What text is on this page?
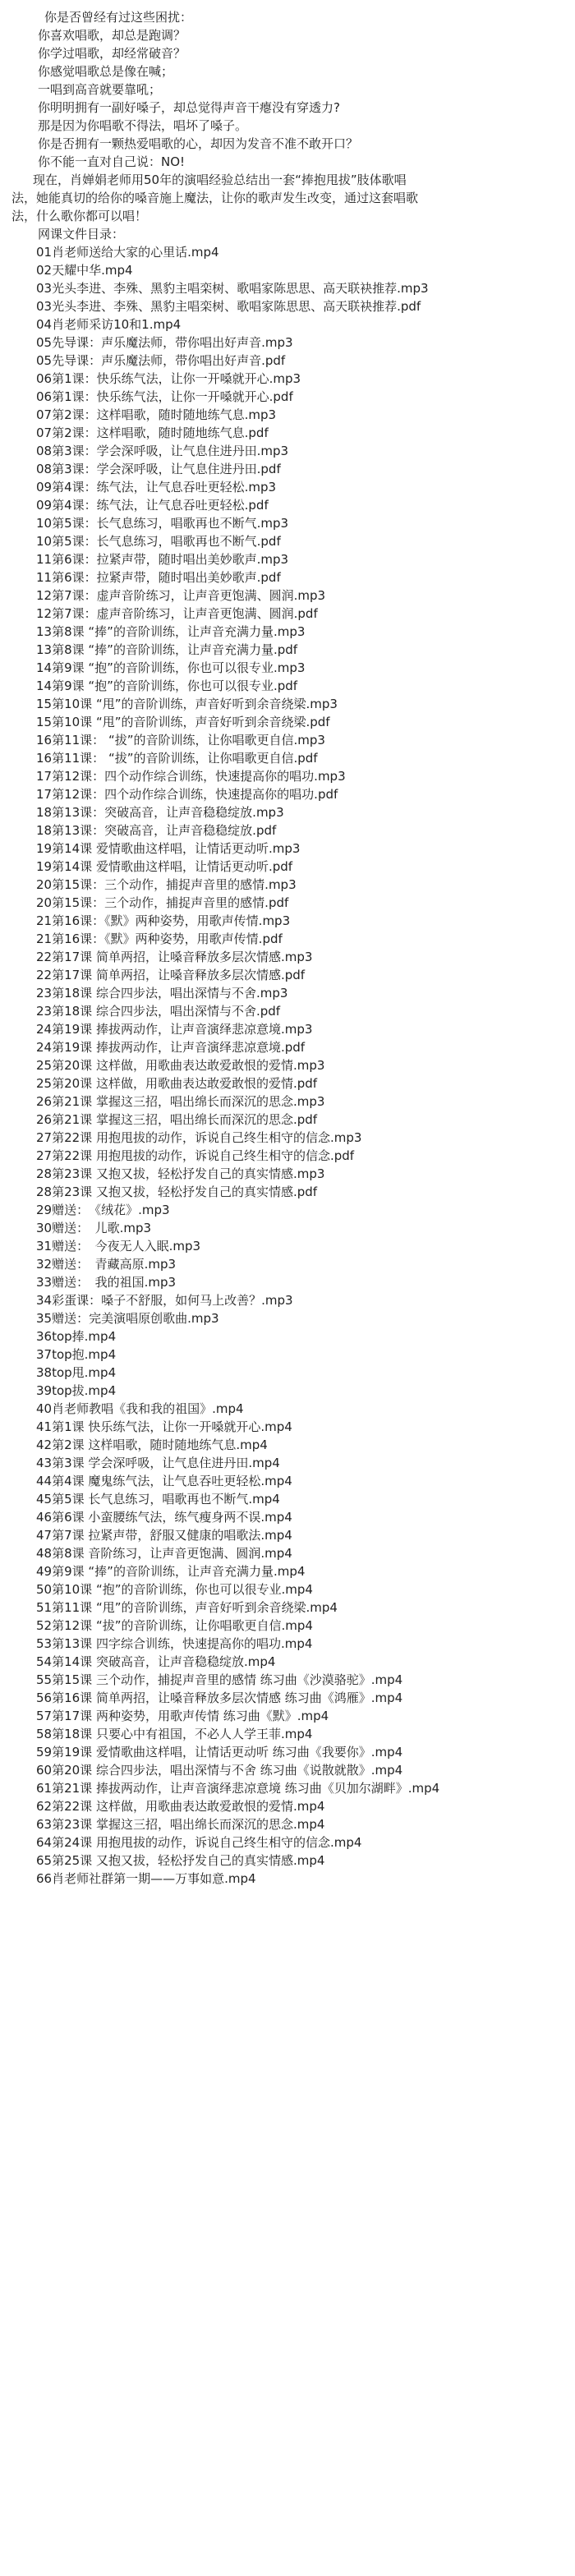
你是否曾经有过这些困扰：
你喜欢唱歌，却总是跑调？
你学过唱歌，却经常破音？
你感觉唱歌总是像在喊；
一唱到高音就要靠吼；
你明明拥有一副好嗓子，却总觉得声音干瘪没有穿透力?
那是因为你唱歌不得法，唱坏了嗓子。
你是否拥有一颗热爱唱歌的心，却因为发音不准不敢开口？
你不能一直对自己说：NO!
现在，肖婵娟老师用50年的演唱经验总结出一套“捧抱甩拔”肢体歌唱
法，她能真切的给你的嗓音施上魔法，让你的歌声发生改变，通过这套唱歌
法，什么歌你都可以唱！
网课文件目录：
01肖老师送给大家的心里话.mp4
02天耀中华.mp4
03光头李进、李殊、黑豹主唱栾树、歌唱家陈思思、高天联袂推荐.mp3
03光头李进、李殊、黑豹主唱栾树、歌唱家陈思思、高天联袂推荐.pdf
04肖老师采访10和1.mp4
05先导课：声乐魔法师，带你唱出好声音.mp3
05先导课：声乐魔法师，带你唱出好声音.pdf
06第1课：快乐练气法，让你一开嗓就开心.mp3
06第1课：快乐练气法，让你一开嗓就开心.pdf
07第2课：这样唱歌，随时随地练气息.mp3
07第2课：这样唱歌，随时随地练气息.pdf
08第3课：学会深呼吸，让气息住进丹田.mp3
08第3课：学会深呼吸，让气息住进丹田.pdf
09第4课：练气法，让气息吞吐更轻松.mp3
09第4课：练气法，让气息吞吐更轻松.pdf
10第5课：长气息练习，唱歌再也不断气.mp3
10第5课：长气息练习，唱歌再也不断气.pdf
11第6课：拉紧声带，随时唱出美妙歌声.mp3
11第6课：拉紧声带，随时唱出美妙歌声.pdf
12第7课：虚声音阶练习，让声音更饱满、圆润.mp3
12第7课：虚声音阶练习，让声音更饱满、圆润.pdf
13第8课 “捧”的音阶训练，让声音充满力量.mp3
13第8课 “捧”的音阶训练，让声音充满力量.pdf
14第9课 “抱”的音阶训练，你也可以很专业.mp3
14第9课 “抱”的音阶训练，你也可以很专业.pdf
15第10课 “甩”的音阶训练，声音好听到余音绕梁.mp3
15第10课 “甩”的音阶训练，声音好听到余音绕梁.pdf
16第11课： “拔”的音阶训练，让你唱歌更自信.mp3
16第11课： “拔”的音阶训练，让你唱歌更自信.pdf
17第12课：四个动作综合训练，快速提高你的唱功.mp3
17第12课：四个动作综合训练，快速提高你的唱功.pdf
18第13课：突破高音，让声音稳稳绽放.mp3
18第13课：突破高音，让声音稳稳绽放.pdf
19第14课 爱情歌曲这样唱，让情话更动听.mp3
19第14课 爱情歌曲这样唱，让情话更动听.pdf
20第15课：三个动作，捕捉声音里的感情.mp3
20第15课：三个动作，捕捉声音里的感情.pdf
21第16课：《默》两种姿势，用歌声传情.mp3
21第16课：《默》两种姿势，用歌声传情.pdf
22第17课 简单两招，让嗓音释放多层次情感.mp3
22第17课 简单两招，让嗓音释放多层次情感.pdf
23第18课 综合四步法，唱出深情与不舍.mp3
23第18课 综合四步法，唱出深情与不舍.pdf
24第19课 捧拔两动作，让声音演绎悲凉意境.mp3
24第19课 捧拔两动作，让声音演绎悲凉意境.pdf
25第20课 这样做，用歌曲表达敢爱敢恨的爱情.mp3
25第20课 这样做，用歌曲表达敢爱敢恨的爱情.pdf
26第21课 掌握这三招，唱出绵长而深沉的思念.mp3
26第21课 掌握这三招，唱出绵长而深沉的思念.pdf
27第22课 用抱甩拔的动作，诉说自己终生相守的信念.mp3
27第22课 用抱甩拔的动作，诉说自己终生相守的信念.pdf
28第23课 又抱又拔，轻松抒发自己的真实情感.mp3
28第23课 又抱又拔，轻松抒发自己的真实情感.pdf
29赠送：　《绒花》.mp3
30赠送：　儿歌.mp3
31赠送：　今夜无人入眠.mp3
32赠送：　青藏高原.mp3
33赠送：　我的祖国.mp3
34彩蛋课：嗓子不舒服，如何马上改善？.mp3
35赠送：完美演唱原创歌曲.mp3
36top捧.mp4
37top抱.mp4
38top甩.mp4
39top拔.mp4
40肖老师教唱《我和我的祖国》.mp4
41第1课 快乐练气法，让你一开嗓就开心.mp4
42第2课 这样唱歌，随时随地练气息.mp4
43第3课 学会深呼吸，让气息住进丹田.mp4
44第4课 魔鬼练气法，让气息吞吐更轻松.mp4
45第5课 长气息练习，唱歌再也不断气.mp4
46第6课 小蛮腰练气法，练气瘦身两不误.mp4
47第7课 拉紧声带，舒服又健康的唱歌法.mp4
48第8课 音阶练习，让声音更饱满、圆润.mp4
49第9课 “捧”的音阶训练，让声音充满力量.mp4
50第10课 “抱”的音阶训练，你也可以很专业.mp4
51第11课 “甩”的音阶训练，声音好听到余音绕梁.mp4
52第12课 “拔”的音阶训练，让你唱歌更自信.mp4
53第13课 四字综合训练，快速提高你的唱功.mp4
54第14课 突破高音，让声音稳稳绽放.mp4
55第15课 三个动作，捕捉声音里的感情 练习曲《沙漠骆驼》.mp4
56第16课 简单两招，让嗓音释放多层次情感 练习曲《鸿雁》.mp4
57第17课 两种姿势，用歌声传情 练习曲《默》.mp4
58第18课 只要心中有祖国，不必人人学王菲.mp4
59第19课 爱情歌曲这样唱，让情话更动听 练习曲《我要你》.mp4
60第20课 综合四步法，唱出深情与不舍 练习曲《说散就散》.mp4
61第21课 捧拔两动作，让声音演绎悲凉意境 练习曲《贝加尔湖畔》.mp4
62第22课 这样做，用歌曲表达敢爱敢恨的爱情.mp4
63第23课 掌握这三招，唱出绵长而深沉的思念.mp4
64第24课 用抱甩拔的动作，诉说自己终生相守的信念.mp4
65第25课 又抱又拔，轻松抒发自己的真实情感.mp4
66肖老师社群第一期——万事如意.mp4
